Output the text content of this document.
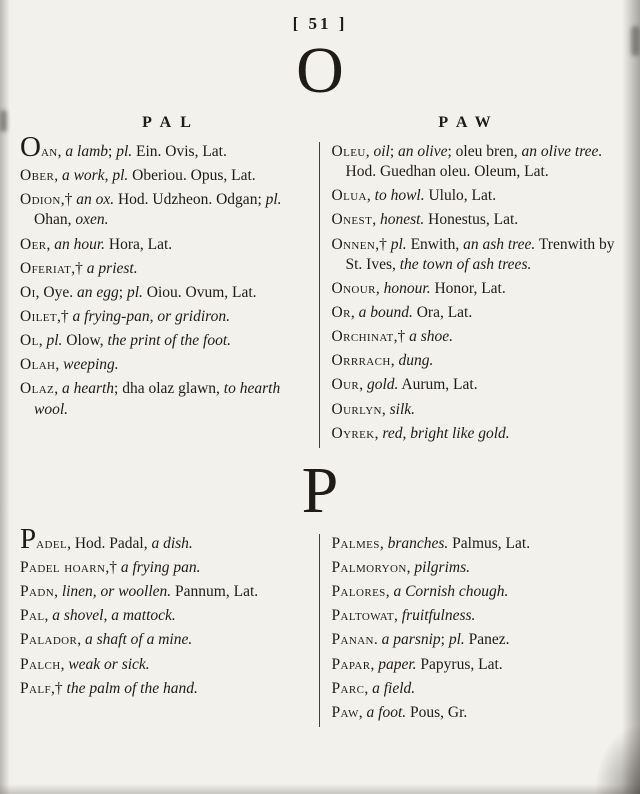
[ 51 ]
O
PAL	PAW

Oan, a lamb; pl. Ein. Ovis, Lat.

Ober, a work, pl. Oberiou. Opus, Lat.

Odion,† an ox. Hod. Udzheon. Odgan; pl. Ohan, oxen.

Oer, an hour. Hora, Lat.

Oferiat,† a priest.

Oi, Oye. an egg; pl. Oiou. Ovum, Lat.

Oilet,† a frying-pan, or gridiron.

Ol, pl. Olow, the print of the foot.

Olah, weeping.

Olaz, a hearth; dha olaz glawn, to hearth wool.

Oleu, oil; an olive; oleu bren, an olive tree. Hod. Guedhan oleu. Oleum, Lat.

Olua, to howl. Ululo, Lat.

Onest, honest. Honestus, Lat.

Onnen,† pl. Enwith, an ash tree. Trenwith by St. Ives, the town of ash trees.

Onour, honour. Honor, Lat.

Or, a bound. Ora, Lat.

Orchinat,† a shoe.

Orrrach, dung.

Our, gold. Aurum, Lat.

Ourlyn, silk.

Oyrek, red, bright like gold.

P

Padel, Hod. Padal, a dish.

Padel hoarn,† a frying pan.

Padn, linen, or woollen. Pannum, Lat.

Pal, a shovel, a mattock.

Palador, a shaft of a mine.

Palch, weak or sick.

Palf,† the palm of the hand.

Palmes, branches. Palmus, Lat.

Palmoryon, pilgrims.

Palores, a Cornish chough.

Paltowat, fruitfulness.

Panan. a parsnip; pl. Panez.

Papar, paper. Papyrus, Lat.

Parc, a field.

Paw, a foot. Pous, Gr.
